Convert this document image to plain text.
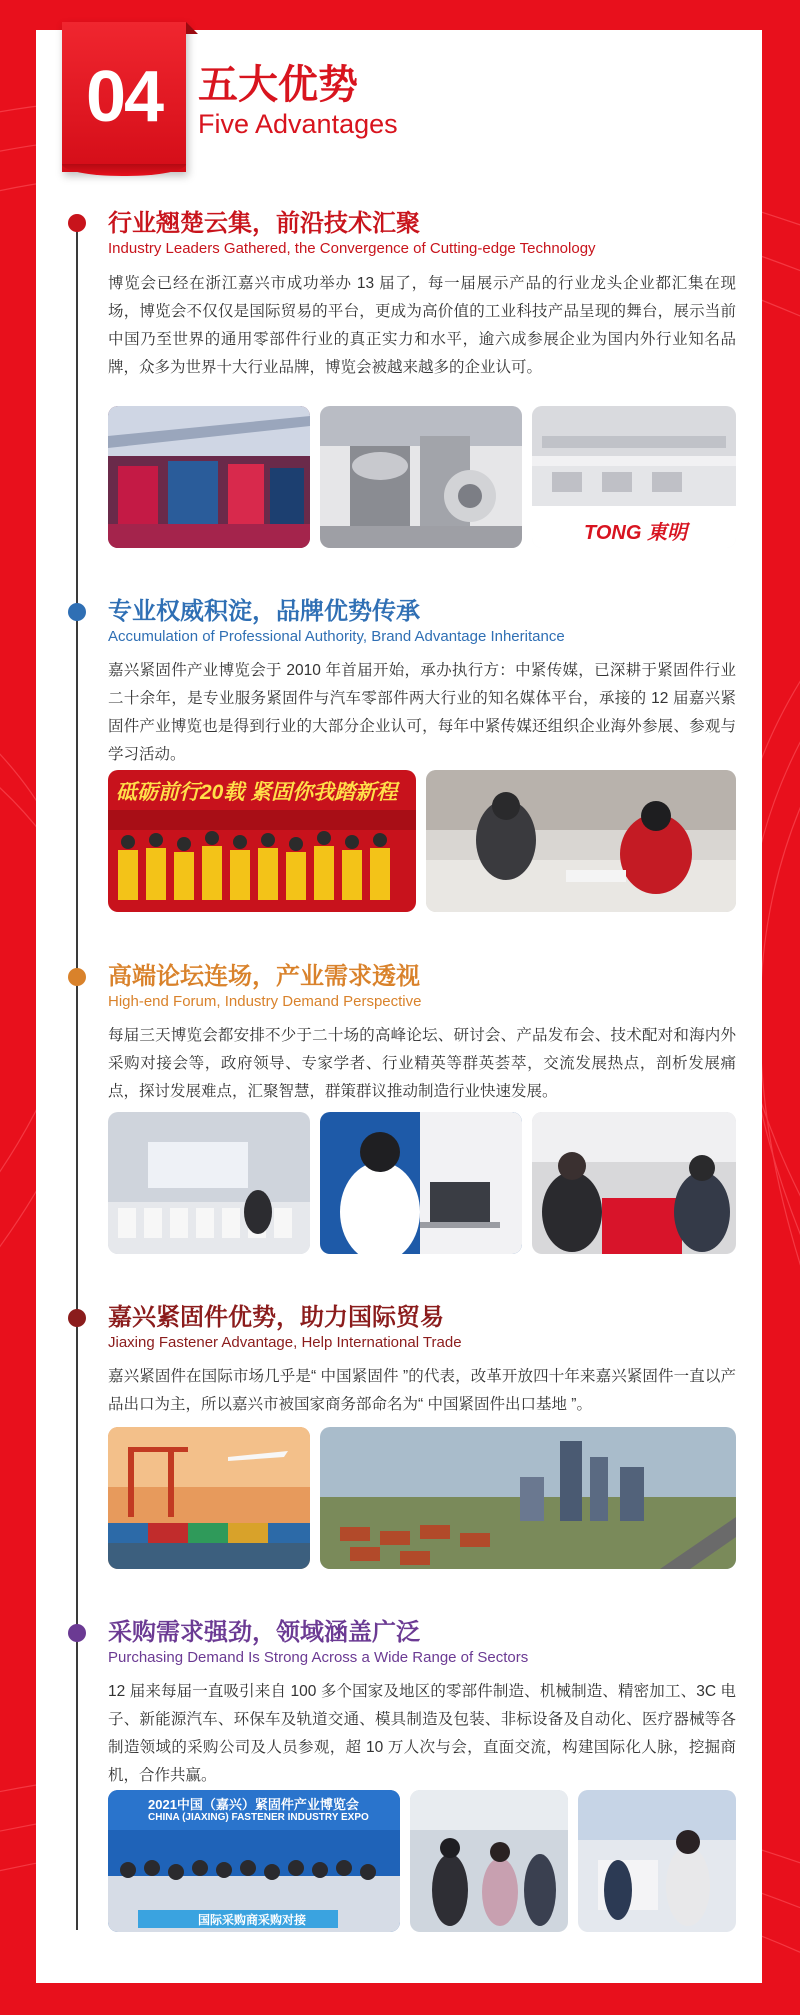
04 五大优势
Five Advantages
行业翘楚云集，前沿技术汇聚
Industry Leaders Gathered, the Convergence of Cutting-edge Technology

博览会已经在浙江嘉兴市成功举办 13 届了，每一届展示产品的行业龙头企业都汇集在现场，博览会不仅仅是国际贸易的平台，更成为高价值的工业科技产品呈现的舞台，展示当前中国乃至世界的通用零部件行业的真正实力和水平，逾六成参展企业为国内外行业知名品牌，众多为世界十大行业品牌，博览会被越来越多的企业认可。

TONG 東明
专业权威积淀，品牌优势传承
Accumulation of Professional Authority, Brand Advantage Inheritance

嘉兴紧固件产业博览会于 2010 年首届开始，承办执行方：中紧传媒，已深耕于紧固件行业二十余年，是专业服务紧固件与汽车零部件两大行业的知名媒体平台，承接的 12 届嘉兴紧固件产业博览也是得到行业的大部分企业认可，每年中紧传媒还组织企业海外参展、参观与学习活动。

砥砺前行20载 紧固你我踏新程
高端论坛连场，产业需求透视
High-end Forum, Industry Demand Perspective

每届三天博览会都安排不少于二十场的高峰论坛、研讨会、产品发布会、技术配对和海内外采购对接会等，政府领导、专家学者、行业精英等群英荟萃，交流发展热点，剖析发展痛点，探讨发展难点，汇聚智慧，群策群议推动制造行业快速发展。

嘉兴紧固件优势，助力国际贸易
Jiaxing Fastener Advantage, Help International Trade

嘉兴紧固件在国际市场几乎是“ 中国紧固件 ”的代表，改革开放四十年来嘉兴紧固件一直以产品出口为主，所以嘉兴市被国家商务部命名为“ 中国紧固件出口基地 ”。

采购需求强劲，领域涵盖广泛
Purchasing Demand Is Strong Across a Wide Range of Sectors

12 届来每届一直吸引来自 100 多个国家及地区的零部件制造、机械制造、精密加工、3C 电子、新能源汽车、环保车及轨道交通、模具制造及包装、非标设备及自动化、医疗器械等各制造领域的采购公司及人员参观，超 10 万人次与会，直面交流，构建国际化人脉，挖掘商机，合作共赢。

2021中国（嘉兴）紧固件产业博览会
CHINA (JIAXING) FASTENER INDUSTRY EXPO
国际采购商采购对接
